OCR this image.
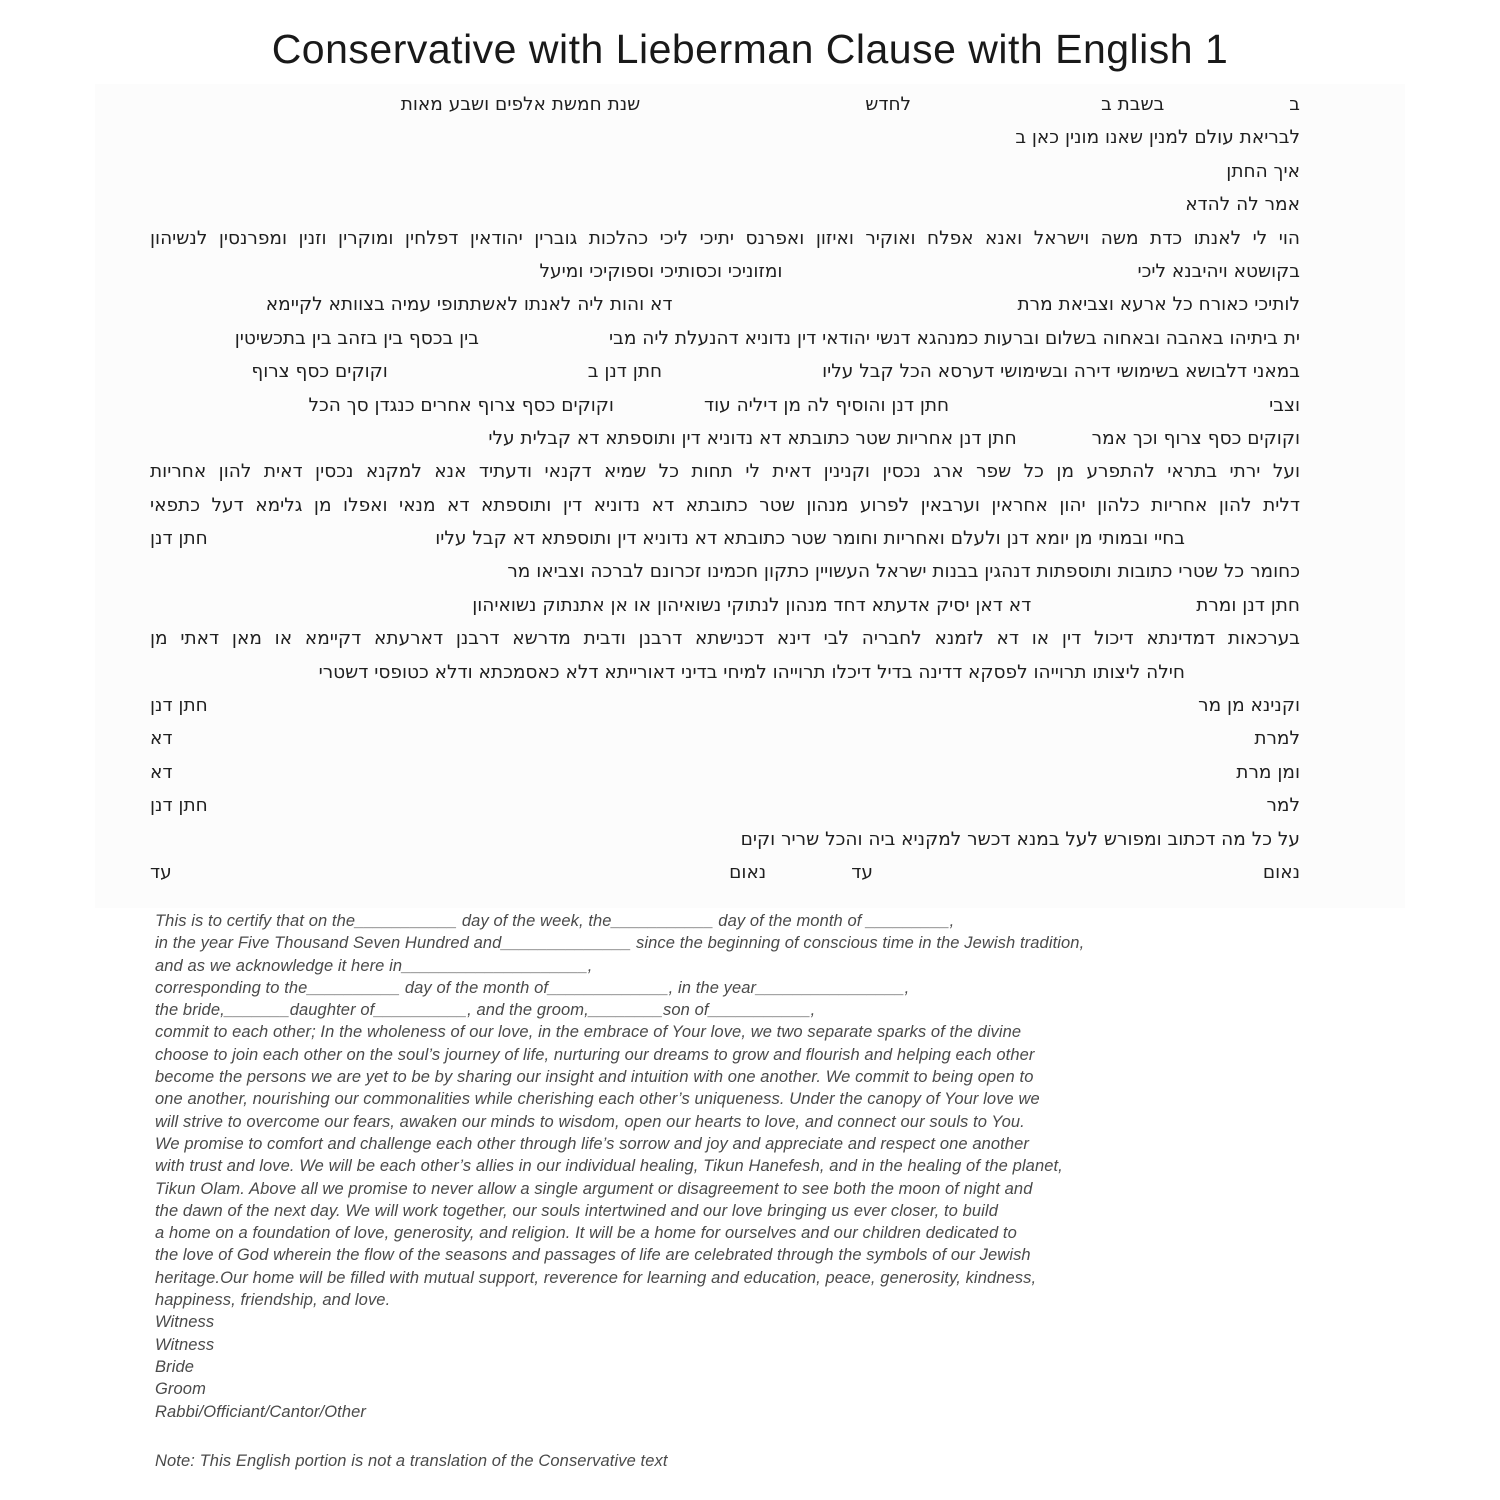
Conservative with Lieberman Clause with English 1
ב
בשבת ב
לחדש
שנת חמשת אלפים ושבע מאות
לבריאת עולם למנין שאנו מונין כאן ב
איך החתן
אמר לה להדא
הוי לי לאנתו כדת משה וישראל ואנא אפלח ואוקיר ואיזון ואפרנס יתיכי ליכי כהלכות גוברין יהודאין דפלחין ומוקרין וזנין ומפרנסין לנשיהון
בקושטא ויהיבנא ליכי
ומזוניכי וכסותיכי וספוקיכי ומיעל
לותיכי כאורח כל ארעא וצביאת מרת
דא והות ליה לאנתו לאשתתופי עמיה בצוותא לקיימא
ית ביתיהו באהבה ובאחוה בשלום וברעות כמנהגא דנשי יהודאי דין נדוניא דהנעלת ליה מבי
בין בכסף בין בזהב בין בתכשיטין
במאני דלבושא בשימושי דירה ובשימושי דערסא הכל קבל עליו
חתן דנן ב
וקוקים כסף צרוף
וצבי
חתן דנן והוסיף לה מן דיליה עוד
וקוקים כסף צרוף אחרים כנגדן סך הכל
וקוקים כסף צרוף וכך אמר
חתן דנן אחריות שטר כתובתא דא נדוניא דין ותוספתא דא קבלית עלי
ועל ירתי בתראי להתפרע מן כל שפר ארג נכסין וקנינין דאית לי תחות כל שמיא דקנאי ודעתיד אנא למקנא נכסין דאית להון אחריות
דלית להון אחריות כלהון יהון אחראין וערבאין לפרוע מנהון שטר כתובתא דא נדוניא דין ותוספתא דא מנאי ואפלו מן גלימא דעל כתפאי
בחיי ובמותי מן יומא דנן ולעלם ואחריות וחומר שטר כתובתא דא נדוניא דין ותוספתא דא קבל עליו
חתן דנן
כחומר כל שטרי כתובות ותוספתות דנהגין בבנות ישראל העשויין כתקון חכמינו זכרונם לברכה וצביאו מר
חתן דנן ומרת
דא דאן יסיק אדעתא דחד מנהון לנתוקי נשואיהון או אן אתנתוק נשואיהון
בערכאות דמדינתא דיכול דין או דא לזמנא לחבריה לבי דינא דכנישתא דרבנן ודבית מדרשא דרבנן דארעתא דקיימא או מאן דאתי מן
חילה ליצותו תרוייהו לפסקא דדינה בדיל דיכלו תרוייהו למיחי בדיני דאורייתא דלא כאסמכתא ודלא כטופסי דשטרי
וקנינא מן מר
חתן דנן
למרת
דא
ומן מרת
דא
למר
חתן דנן
על כל מה דכתוב ומפורש לעל במנא דכשר למקניא ביה והכל שריר וקים
נאום
עד
נאום
עד
This is to certify that on the___________ day of the week, the___________ day of the month of _________,
in the year Five Thousand Seven Hundred and______________ since the beginning of conscious time in the Jewish tradition,
and as we acknowledge it here in____________________,
corresponding to the__________ day of the month of_____________, in the year________________,
the bride,_______daughter of__________, and the groom,________son of___________,
commit to each other; In the wholeness of our love, in the embrace of Your love, we two separate sparks of the divine
choose to join each other on the soul’s journey of life, nurturing our dreams to grow and flourish and helping each other
become the persons we are yet to be by sharing our insight and intuition with one another. We commit to being open to
one another, nourishing our commonalities while cherishing each other’s uniqueness. Under the canopy of Your love we
will strive to overcome our fears, awaken our minds to wisdom, open our hearts to love, and connect our souls to You.
We promise to comfort and challenge each other through life’s sorrow and joy and appreciate and respect one another
with trust and love. We will be each other’s allies in our individual healing, Tikun Hanefesh, and in the healing of the planet,
Tikun Olam. Above all we promise to never allow a single argument or disagreement to see both the moon of night and
the dawn of the next day. We will work together, our souls intertwined and our love bringing us ever closer, to build
a home on a foundation of love, generosity, and religion. It will be a home for ourselves and our children dedicated to
the love of God wherein the flow of the seasons and passages of life are celebrated through the symbols of our Jewish
heritage.Our home will be filled with mutual support, reverence for learning and education, peace, generosity, kindness,
happiness, friendship, and love.
Witness
Witness
Bride
Groom
Rabbi/Officiant/Cantor/Other
Note: This English portion is not a translation of the Conservative text
